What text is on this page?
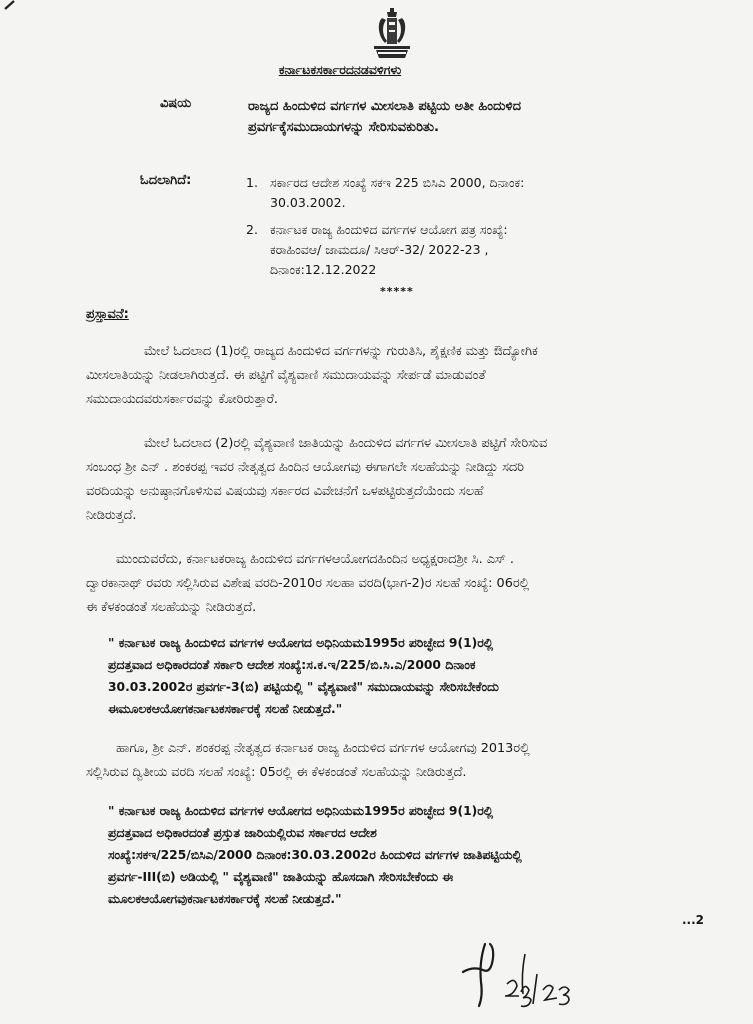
ಕರ್ನಾಟಕಸರ್ಕಾರದನಡವಳಿಗಳು
ವಿಷಯ	ರಾಜ್ಯದ ಹಿಂದುಳಿದ ವರ್ಗಗಳ ಮೀಸಲಾತಿ ಪಟ್ಟಿಯ ಅತೀ ಹಿಂದುಳಿದ
ಪ್ರವರ್ಗಕ್ಕೆಸಮುದಾಯಗಳನ್ನು ಸೇರಿಸುವಕುರಿತು.
ಓದಲಾಗಿದೆ:	1. ಸರ್ಕಾರದ ಆದೇಶ ಸಂಖ್ಯೆ ಸಕಇ 225 ಬಿಸಿಎ 2000, ದಿನಾಂಕ:
30.03.2002.
2. ಕರ್ನಾಟಕ ರಾಜ್ಯ ಹಿಂದುಳಿದ ವರ್ಗಗಳ ಆಯೋಗ ಪತ್ರ ಸಂಖ್ಯೆ:
ಕರಾಹಿಂವಆ/ ಜಾಮದೂ/ ಸಿಆರ್-32/ 2022-23 ,
ದಿನಾಂಕ:12.12.2022
*****
ಪ್ರಸ್ತಾವನೆ:
ಮೇಲೆ ಓದಲಾದ (1)ರಲ್ಲಿ ರಾಜ್ಯದ ಹಿಂದುಳಿದ ವರ್ಗಗಳನ್ನು ಗುರುತಿಸಿ, ಶೈಕ್ಷಣಿಕ ಮತ್ತು ಔದ್ಯೋಗಿಕ
ಮೀಸಲಾತಿಯನ್ನು ನೀಡಲಾಗಿರುತ್ತದೆ. ಈ ಪಟ್ಟಿಗೆ ವೈಶ್ಯವಾಣಿ ಸಮುದಾಯವನ್ನು ಸೇರ್ಪಡೆ ಮಾಡುವಂತೆ
ಸಮುದಾಯದವರುಸರ್ಕಾರವನ್ನು ಕೋರಿರುತ್ತಾರೆ.
ಮೇಲೆ ಓದಲಾದ (2)ರಲ್ಲಿ ವೈಶ್ಯವಾಣಿ ಜಾತಿಯನ್ನು ಹಿಂದುಳಿದ ವರ್ಗಗಳ ಮೀಸಲಾತಿ ಪಟ್ಟಿಗೆ ಸೇರಿಸುವ
ಸಂಬಂಧ ಶ್ರೀ ಎನ್ . ಶಂಕರಪ್ಪ ಇವರ ನೇತೃತ್ವದ ಹಿಂದಿನ ಆಯೋಗವು ಈಗಾಗಲೇ ಸಲಹೆಯನ್ನು ನೀಡಿದ್ದು ಸದರಿ
ವರದಿಯನ್ನು ಅನುಷ್ಠಾನಗೊಳಿಸುವ ವಿಷಯವು ಸರ್ಕಾರದ ವಿವೇಚನೆಗೆ ಒಳಪಟ್ಟಿರುತ್ತದೆಯೆಂದು ಸಲಹೆ
ನೀಡಿರುತ್ತದೆ.
ಮುಂದುವರೆದು, ಕರ್ನಾಟಕರಾಜ್ಯ ಹಿಂದುಳಿದ ವರ್ಗಗಳಆಯೋಗದಹಿಂದಿನ ಅಧ್ಯಕ್ಷರಾದಶ್ರೀ ಸಿ. ಎಸ್ .
ದ್ವಾರಕಾನಾಥ್ ರವರು ಸಲ್ಲಿಸಿರುವ ವಿಶೇಷ ವರದಿ-2010ರ ಸಲಹಾ ವರದಿ(ಭಾಗ-2)ರ ಸಲಹೆ ಸಂಖ್ಯೆ: 06ರಲ್ಲಿ
ಈ ಕೆಳಕಂಡಂತೆ ಸಲಹೆಯನ್ನು ನೀಡಿರುತ್ತದೆ.
" ಕರ್ನಾಟಕ ರಾಜ್ಯ ಹಿಂದುಳಿದ ವರ್ಗಗಳ ಆಯೋಗದ ಅಧಿನಿಯಮ1995ರ ಪರಿಚ್ಛೇದ 9(1)ರಲ್ಲಿ
ಪ್ರದತ್ತವಾದ ಅಧಿಕಾರದಂತೆ ಸರ್ಕಾರಿ ಆದೇಶ ಸಂಖ್ಯೆ:ಸ.ಕ.ಇ/225/ಬಿ.ಸಿ.ಎ/2000 ದಿನಾಂಕ
30.03.2002ರ ಪ್ರವರ್ಗ-3(ಬಿ) ಪಟ್ಟಿಯಲ್ಲಿ " ವೈಶ್ಯವಾಣಿ" ಸಮುದಾಯವನ್ನು ಸೇರಿಸಬೇಕೆಂದು
ಈಮೂಲಕಆಯೋಗಕರ್ನಾಟಕಸರ್ಕಾರಕ್ಕೆ ಸಲಹೆ ನೀಡುತ್ತದೆ."
ಹಾಗೂ, ಶ್ರೀ ಎನ್. ಶಂಕರಪ್ಪ ನೇತೃತ್ವದ ಕರ್ನಾಟಕ ರಾಜ್ಯ ಹಿಂದುಳಿದ ವರ್ಗಗಳ ಆಯೋಗವು 2013ರಲ್ಲಿ
ಸಲ್ಲಿಸಿರುವ ದ್ವಿತೀಯ ವರದಿ ಸಲಹೆ ಸಂಖ್ಯೆ: 05ರಲ್ಲಿ ಈ ಕೆಳಕಂಡಂತೆ ಸಲಹೆಯನ್ನು ನೀಡಿರುತ್ತದೆ.
" ಕರ್ನಾಟಕ ರಾಜ್ಯ ಹಿಂದುಳಿದ ವರ್ಗಗಳ ಆಯೋಗದ ಅಧಿನಿಯಮ1995ರ ಪರಿಚ್ಛೇದ 9(1)ರಲ್ಲಿ
ಪ್ರದತ್ತವಾದ ಅಧಿಕಾರದಂತೆ ಪ್ರಸ್ತುತ ಜಾರಿಯಲ್ಲಿರುವ ಸರ್ಕಾರದ ಆದೇಶ
ಸಂಖ್ಯೆ:ಸಕಇ/225/ಬಿಸಿಎ/2000 ದಿನಾಂಕ:30.03.2002ರ ಹಿಂದುಳಿದ ವರ್ಗಗಳ ಜಾತಿಪಟ್ಟಿಯಲ್ಲಿ
ಪ್ರವರ್ಗ-III(ಬಿ) ಅಡಿಯಲ್ಲಿ " ವೈಶ್ಯವಾಣಿ" ಜಾತಿಯನ್ನು ಹೊಸದಾಗಿ ಸೇರಿಸಬೇಕೆಂದು ಈ
ಮೂಲಕಆಯೋಗವುಕರ್ನಾಟಕಸರ್ಕಾರಕ್ಕೆ ಸಲಹೆ ನೀಡುತ್ತದೆ."
...2
